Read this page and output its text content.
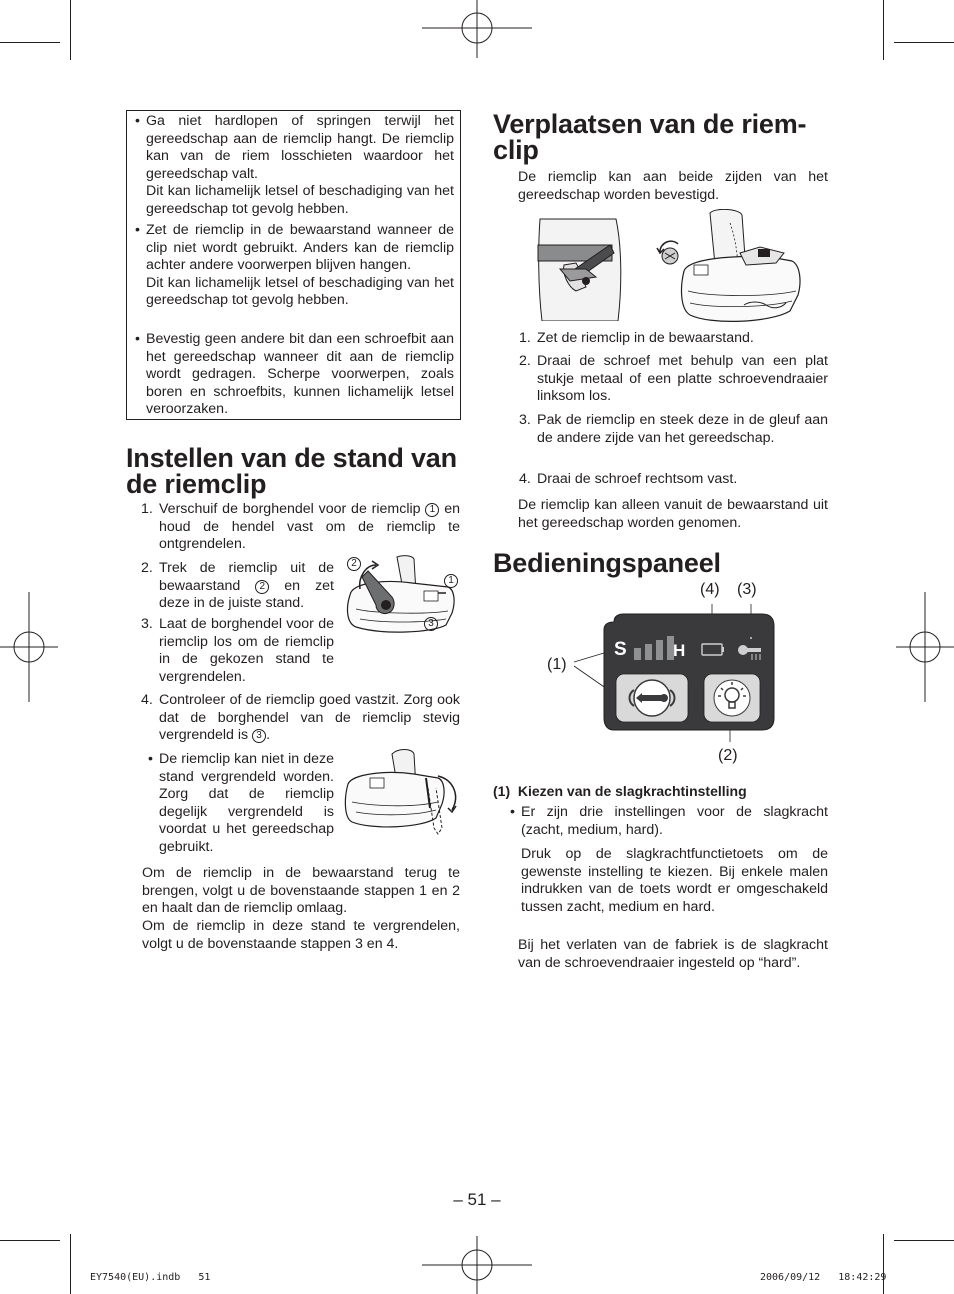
• Ga niet hardlopen of springen terwijl het gereedschap aan de riemclip hangt. De riemclip kan van de riem losschieten waardoor het gereedschap valt.
Dit kan lichamelijk letsel of beschadiging van het gereedschap tot gevolg hebben.
• Zet de riemclip in de bewaarstand wanneer de clip niet wordt gebruikt. Anders kan de riemclip achter andere voorwerpen blijven hangen.
Dit kan lichamelijk letsel of beschadiging van het gereedschap tot gevolg hebben.
• Bevestig geen andere bit dan een schroefbit aan het gereedschap wanneer dit aan de riemclip wordt gedragen. Scherpe voorwerpen, zoals boren en schroefbits, kunnen lichamelijk letsel veroorzaken.
Instellen van de stand van
de riemclip
1. Verschuif de borghendel voor de riemclip 1 en houd de hendel vast om de riemclip te ontgrendelen.
2. Trek de riemclip uit de bewaarstand 2 en zet deze in de juiste stand.
3. Laat de borghendel voor de riemclip los om de riemclip in de gekozen stand te vergrendelen.
2
1
3
4. Controleer of de riemclip goed vastzit. Zorg ook dat de borghendel van de riemclip stevig vergrendeld is 3 .
• De riemclip kan niet in deze stand vergrendeld worden. Zorg dat de riemclip degelijk vergrendeld is voordat u het gereedschap gebruikt.
Om de riemclip in de bewaarstand terug te brengen, volgt u de bovenstaande stappen 1 en 2 en haalt dan de riemclip omlaag.
Om de riemclip in deze stand te vergrendelen, volgt u de bovenstaande stappen 3 en 4.
Verplaatsen van de riem-
clip
De riemclip kan aan beide zijden van het gereedschap worden bevestigd.
1. Zet de riemclip in de bewaarstand.
2. Draai de schroef met behulp van een plat stukje metaal of een platte schroevendraaier linksom los.
3. Pak de riemclip en steek deze in de gleuf aan de andere zijde van het gereedschap.
4. Draai de schroef rechtsom vast.
De riemclip kan alleen vanuit de bewaarstand uit het gereedschap worden genomen.
Bedieningspaneel
(4) (3)
(1)
(2)
S	H
(1)  Kiezen van de slagkrachtinstelling
• Er zijn drie instellingen voor de slagkracht (zacht, medium, hard).
Druk op de slagkrachtfunctietoets om de gewenste instelling te kiezen. Bij enkele malen indrukken van de toets wordt er omgeschakeld tussen zacht, medium en hard.
Bij het verlaten van de fabriek is de slagkracht van de schroevendraaier ingesteld op “hard”.
– 51 –
EY7540(EU).indb   51	2006/09/12   18:42:29
